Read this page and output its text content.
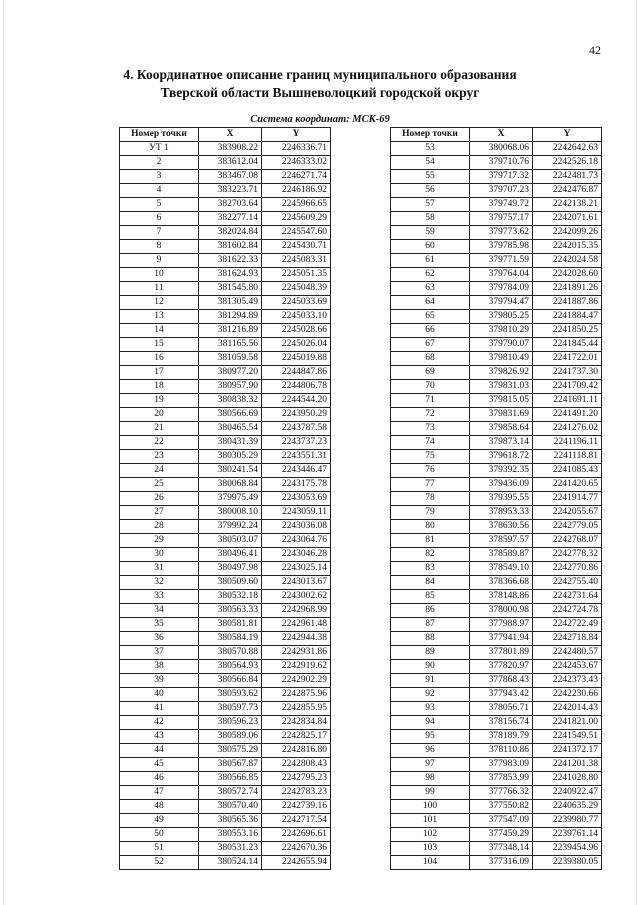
42
4. Координатное описание границ муниципального образования
Тверской области Вышневолоцкий городской округ
Система координат: МСК-69
Номер точки	X	Y
УТ 1	383908.22	2246336.71
2	383612.04	2246333.02
3	383467.08	2246271.74
4	383223.71	2246186.92
5	382703.64	2245966.65
6	382277.14	2245609.29
7	382024.84	2245547.60
8	381602.84	2245430.71
9	381622.33	2245083.31
10	381624.93	2245051.35
11	381545.80	2245048.39
12	381305.49	2245033.69
13	381294.89	2245033.10
14	381216.89	2245028.66
15	381165.56	2245026.04
16	381059.58	2245019.88
17	380977.20	2244847.86
18	380957.90	2244806.78
19	380838.32	2244544.20
20	380566.69	2243950.29
21	380465.54	2243787.58
22	380431.39	2243737.23
23	380305.29	2243551.31
24	380241.54	2243446.47
25	380068.84	2243175.78
26	379975.49	2243053.69
27	380008.10	2243059.11
28	379992.24	2243036.08
29	380503.07	2243064.76
30	380496.41	2243046.28
31	380497.98	2243025.14
32	380509.60	2243013.67
33	380532.18	2243002.62
34	380563.33	2242968.99
35	380581.81	2242961.48
36	380584.19	2242944.38
37	380570.88	2242931.86
38	380564.93	2242919.62
39	380566.84	2242902.29
40	380593.62	2242875.96
41	380597.73	2242855.95
42	380596.23	2242834.84
43	380589.06	2242825.17
44	380575.29	2242816.80
45	380567.87	2242808.43
46	380566.85	2242795.23
47	380572.74	2242783.23
48	380570.40	2242739.16
49	380565.36	2242717.54
50	380553.16	2242696.61
51	380531.23	2242670.36
52	380524.14	2242655.94
Номер точки	X	Y
53	380068.06	2242642.63
54	379710.76	2242526.18
55	379717.32	2242481.73
56	379707.23	2242476.87
57	379749.72	2242138.21
58	379757.17	2242071.61
59	379773.62	2242099.26
60	379785.98	2242015.35
61	379771.59	2242024.58
62	379764.04	2242028.60
63	379784.09	2241891.26
64	379794.47	2241887.86
65	379805.25	2241884.47
66	379810.29	2241850.25
67	379790.07	2241845.44
68	379810.49	2241722.01
69	379826.92	2241737.30
70	379831.03	2241709.42
71	379815.05	2241691.11
72	379831.69	2241491.20
73	379858.64	2241276.02
74	379873.14	2241196.11
75	379618.72	2241118.81
76	379392.35	2241085.43
77	379436.09	2241420.65
78	379395.55	2241914.77
79	378953.33	2242055.67
80	378630.56	2242779.05
81	378597.57	2242768.07
82	378589.87	2242778.32
83	378549.10	2242770.86
84	378366.68	2242755.40
85	378148.86	2242731.64
86	378000.98	2242724.78
87	377988.97	2242722.49
88	377941.94	2242718.84
89	377801.89	2242480.57
90	377820.97	2242453.67
91	377868.43	2242373.43
92	377943.42	2242230.66
93	378056.71	2242014.43
94	378156.74	2241821.00
95	378189.79	2241549.51
96	378110.86	2241372.17
97	377983.09	2241201.38
98	377853.99	2241028.80
99	377766.32	2240922.47
100	377550.82	2240635.29
101	377547.09	2239980.77
102	377459.29	2239761.14
103	377348.14	2239454.96
104	377316.09	2239380.05
